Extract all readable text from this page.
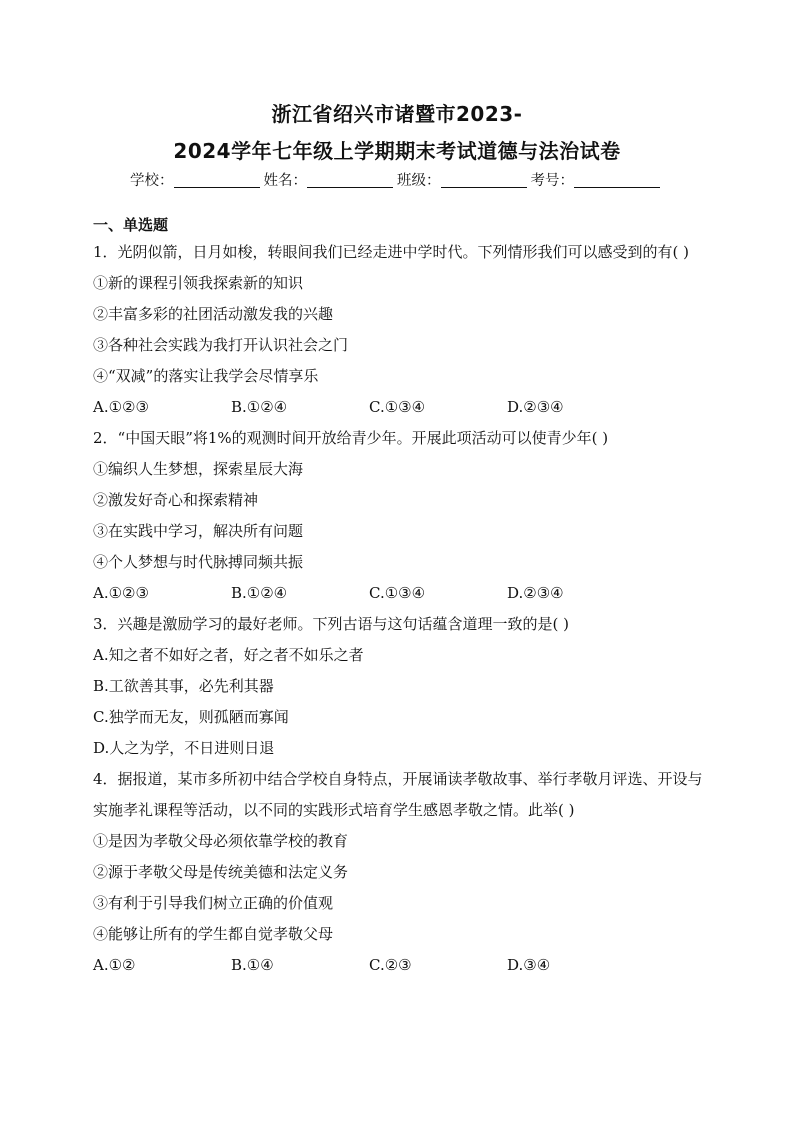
浙江省绍兴市诸暨市2023-
2024学年七年级上学期期末考试道德与法治试卷
学校：	姓名：	班级：	考号：
一、单选题
1．光阴似箭，日月如梭，转眼间我们已经走进中学时代。下列情形我们可以感受到的有( )
①新的课程引领我探索新的知识
②丰富多彩的社团活动激发我的兴趣
③各种社会实践为我打开认识社会之门
④“双减”的落实让我学会尽情享乐
A.①②③	B.①②④	C.①③④	D.②③④
2．“中国天眼”将1%的观测时间开放给青少年。开展此项活动可以使青少年( )
①编织人生梦想，探索星辰大海
②激发好奇心和探索精神
③在实践中学习，解决所有问题
④个人梦想与时代脉搏同频共振
A.①②③	B.①②④	C.①③④	D.②③④
3．兴趣是激励学习的最好老师。下列古语与这句话蕴含道理一致的是( )
A.知之者不如好之者，好之者不如乐之者
B.工欲善其事，必先利其器
C.独学而无友，则孤陋而寡闻
D.人之为学，不日进则日退
4．据报道，某市多所初中结合学校自身特点，开展诵读孝敬故事、举行孝敬月评选、开设与实施孝礼课程等活动，以不同的实践形式培育学生感恩孝敬之情。此举( )
①是因为孝敬父母必须依靠学校的教育
②源于孝敬父母是传统美德和法定义务
③有利于引导我们树立正确的价值观
④能够让所有的学生都自觉孝敬父母
A.①②	B.①④	C.②③	D.③④
